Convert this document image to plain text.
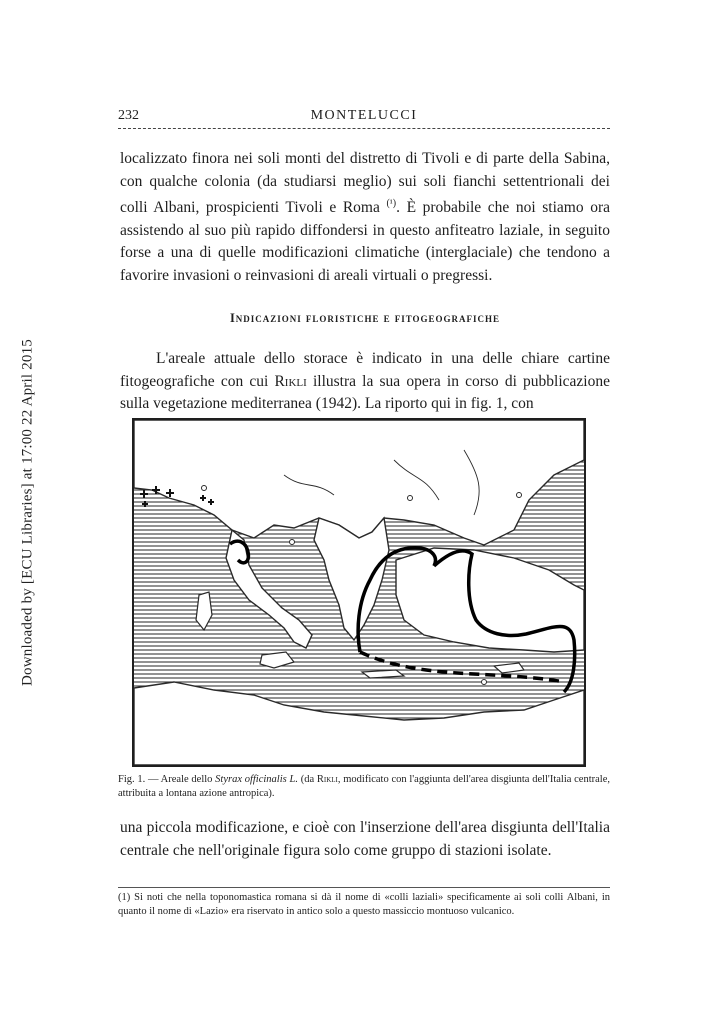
Downloaded by [ECU Libraries] at 17:00 22 April 2015
232	MONTELUCCI

localizzato finora nei soli monti del distretto di Tivoli e di parte della Sabina, con qualche colonia (da studiarsi meglio) sui soli fianchi settentrionali dei colli Albani, prospicienti Tivoli e Roma $^{(^1)}$. È probabile che noi stiamo ora assistendo al suo più rapido diffondersi in questo anfiteatro laziale, in seguito forse a una di quelle modificazioni climatiche (interglaciale) che tendono a favorire invasioni o reinvasioni di areali virtuali o pregressi.

Indicazioni floristiche e fitogeografiche

L'areale attuale dello storace è indicato in una delle chiare cartine fitogeografiche con cui Rikli illustra la sua opera in corso di pubblicazione sulla vegetazione mediterranea (1942). La riporto qui in fig. 1, con

Fig. 1. — Areale dello Styrax officinalis L. (da Rikli, modificato con l'aggiunta dell'area disgiunta dell'Italia centrale, attribuita a lontana azione antropica).

una piccola modificazione, e cioè con l'inserzione dell'area disgiunta dell'Italia centrale che nell'originale figura solo come gruppo di stazioni isolate.

(1) Si noti che nella toponomastica romana si dà il nome di «colli laziali» specificamente ai soli colli Albani, in quanto il nome di «Lazio» era riservato in antico solo a questo massiccio montuoso vulcanico.
